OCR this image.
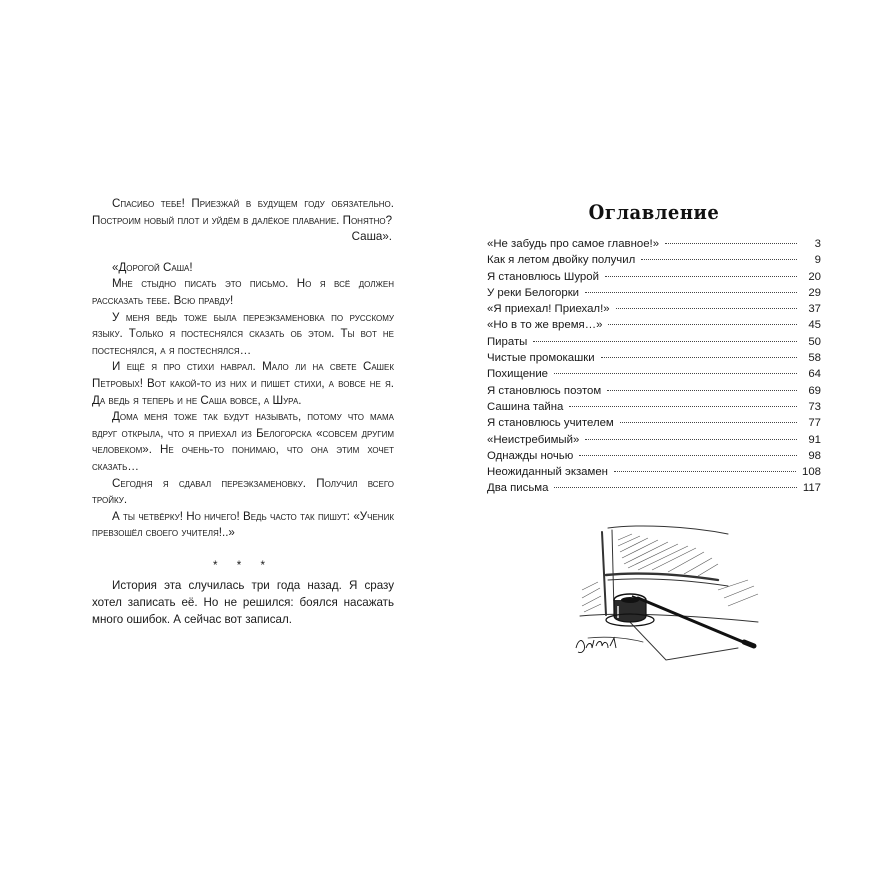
Спасибо тебе! Приезжай в будущем году обязательно. Построим новый плот и уйдём в далёкое плавание. Понятно?

Саша».

«Дорогой Саша!

Мне стыдно писать это письмо. Но я всё должен рассказать тебе. Всю правду!

У меня ведь тоже была переэкзаменовка по русскому языку. Только я постеснялся сказать об этом. Ты вот не постеснялся, а я постеснялся…

И ещё я про стихи наврал. Мало ли на свете Сашек Петровых! Вот какой-то из них и пишет стихи, а вовсе не я. Да ведь я теперь и не Саша вовсе, а Шура.

Дома меня тоже так будут называть, потому что мама вдруг открыла, что я приехал из Белогорска «совсем другим человеком». Не очень-то понимаю, что она этим хочет сказать…

Сегодня я сдавал переэкзаменовку. Получил всего тройку.

А ты четвёрку! Но ничего! Ведь часто так пишут: «Ученик превзошёл своего учителя!..»

* * *

История эта случилась три года назад. Я сразу хотел записать её. Но не решился: боялся насажать много ошибок. А сейчас вот записал.

Оглавление
«Не забудь про самое главное!»	3
Как я летом двойку получил	9
Я становлюсь Шурой	20
У реки Белогорки	29
«Я приехал! Приехал!»	37
«Но в то же время…»	45
Пираты	50
Чистые промокашки	58
Похищение	64
Я становлюсь поэтом	69
Сашина тайна	73
Я становлюсь учителем	77
«Неистребимый»	91
Однажды ночью	98
Неожиданный экзамен	108
Два письма	117
